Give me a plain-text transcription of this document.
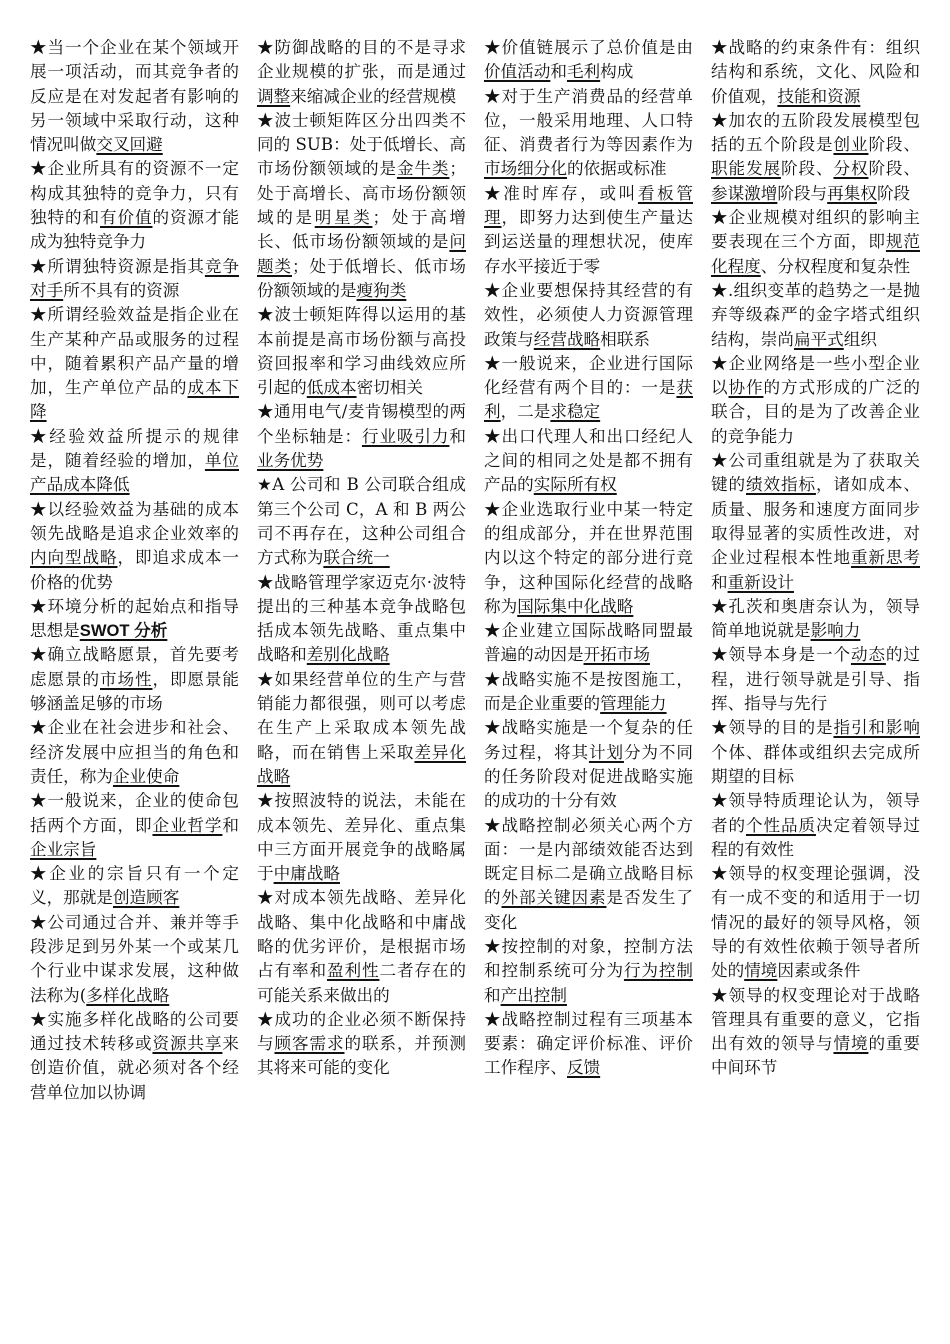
★当一个企业在某个领域开展一项活动，而其竞争者的反应是在对发起者有影响的另一领域中采取行动，这种情况叫做交叉回避

★企业所具有的资源不一定构成其独特的竞争力，只有独特的和有价值的资源才能成为独特竞争力

★所谓独特资源是指其竞争对手所不具有的资源

★所谓经验效益是指企业在生产某种产品或服务的过程中，随着累积产品产量的增加，生产单位产品的成本下降

★经验效益所提示的规律是，随着经验的增加，单位产品成本降低

★以经验效益为基础的成本领先战略是追求企业效率的内向型战略，即追求成本一价格的优势

★环境分析的起始点和指导思想是SWOT 分析

★确立战略愿景，首先要考虑愿景的市场性，即愿景能够涵盖足够的市场

★企业在社会进步和社会、经济发展中应担当的角色和责任，称为企业使命

★一般说来，企业的使命包括两个方面，即企业哲学和企业宗旨

★企业的宗旨只有一个定义，那就是创造顾客

★公司通过合并、兼并等手段涉足到另外某一个或某几个行业中谋求发展，这种做法称为(多样化战略

★实施多样化战略的公司要通过技术转移或资源共享来创造价值，就必须对各个经营单位加以协调

★防御战略的目的不是寻求企业规模的扩张，而是通过调整来缩减企业的经营规模

★波士顿矩阵区分出四类不同的 SUB：处于低增长、高市场份额领域的是金牛类；处于高增长、高市场份额领域的是明星类；处于高增长、低市场份额领域的是问题类；处于低增长、低市场份额领域的是瘦狗类

★波士顿矩阵得以运用的基本前提是高市场份额与高投资回报率和学习曲线效应所引起的低成本密切相关

★通用电气/麦肯锡模型的两个坐标轴是：行业吸引力和业务优势

★A 公司和 B 公司联合组成第三个公司 C，A 和 B 两公司不再存在，这种公司组合方式称为联合统一

★战略管理学家迈克尔·波特提出的三种基本竞争战略包括成本领先战略、重点集中战略和差别化战略

★如果经营单位的生产与营销能力都很强，则可以考虑在生产上采取成本领先战略，而在销售上采取差异化战略

★按照波特的说法，未能在成本领先、差异化、重点集中三方面开展竞争的战略属于中庸战略

★对成本领先战略、差异化战略、集中化战略和中庸战略的优劣评价，是根据市场占有率和盈利性二者存在的可能关系来做出的

★成功的企业必须不断保持与顾客需求的联系，并预测其将来可能的变化

★价值链展示了总价值是由价值活动和毛利构成

★对于生产消费品的经营单位，一般采用地理、人口特征、消费者行为等因素作为市场细分化的依据或标准

★准时库存，或叫看板管理，即努力达到使生产量达到运送量的理想状况，使库存水平接近于零

★企业要想保持其经营的有效性，必须使人力资源管理政策与经营战略相联系

★一般说来，企业进行国际化经营有两个目的：一是获利，二是求稳定

★出口代理人和出口经纪人之间的相同之处是都不拥有产品的实际所有权

★企业选取行业中某一特定的组成部分，并在世界范围内以这个特定的部分进行竞争，这种国际化经营的战略称为国际集中化战略

★企业建立国际战略同盟最普遍的动因是开拓市场

★战略实施不是按图施工，而是企业重要的管理能力

★战略实施是一个复杂的任务过程，将其计划分为不同的任务阶段对促进战略实施的成功的十分有效

★战略控制必须关心两个方面：一是内部绩效能否达到既定目标二是确立战略目标的外部关键因素是否发生了变化

★按控制的对象，控制方法和控制系统可分为行为控制和产出控制

★战略控制过程有三项基本要素：确定评价标准、评价工作程序、反馈

★战略的约束条件有：组织结构和系统，文化、风险和价值观，技能和资源

★加农的五阶段发展模型包括的五个阶段是创业阶段、职能发展阶段、分权阶段、参谋激增阶段与再集权阶段

★企业规模对组织的影响主要表现在三个方面，即规范化程度、分权程度和复杂性

★.组织变革的趋势之一是抛弃等级森严的金字塔式组织结构，崇尚扁平式组织

★企业网络是一些小型企业以协作的方式形成的广泛的联合，目的是为了改善企业的竞争能力

★公司重组就是为了获取关键的绩效指标，诸如成本、质量、服务和速度方面同步取得显著的实质性改进，对企业过程根本性地重新思考和重新设计

★孔茨和奥唐奈认为，领导简单地说就是影响力

★领导本身是一个动态的过程，进行领导就是引导、指挥、指导与先行

★领导的目的是指引和影响个体、群体或组织去完成所期望的目标

★领导特质理论认为，领导者的个性品质决定着领导过程的有效性

★领导的权变理论强调，没有一成不变的和适用于一切情况的最好的领导风格，领导的有效性依赖于领导者所处的情境因素或条件

★领导的权变理论对于战略管理具有重要的意义，它指出有效的领导与情境的重要中间环节
